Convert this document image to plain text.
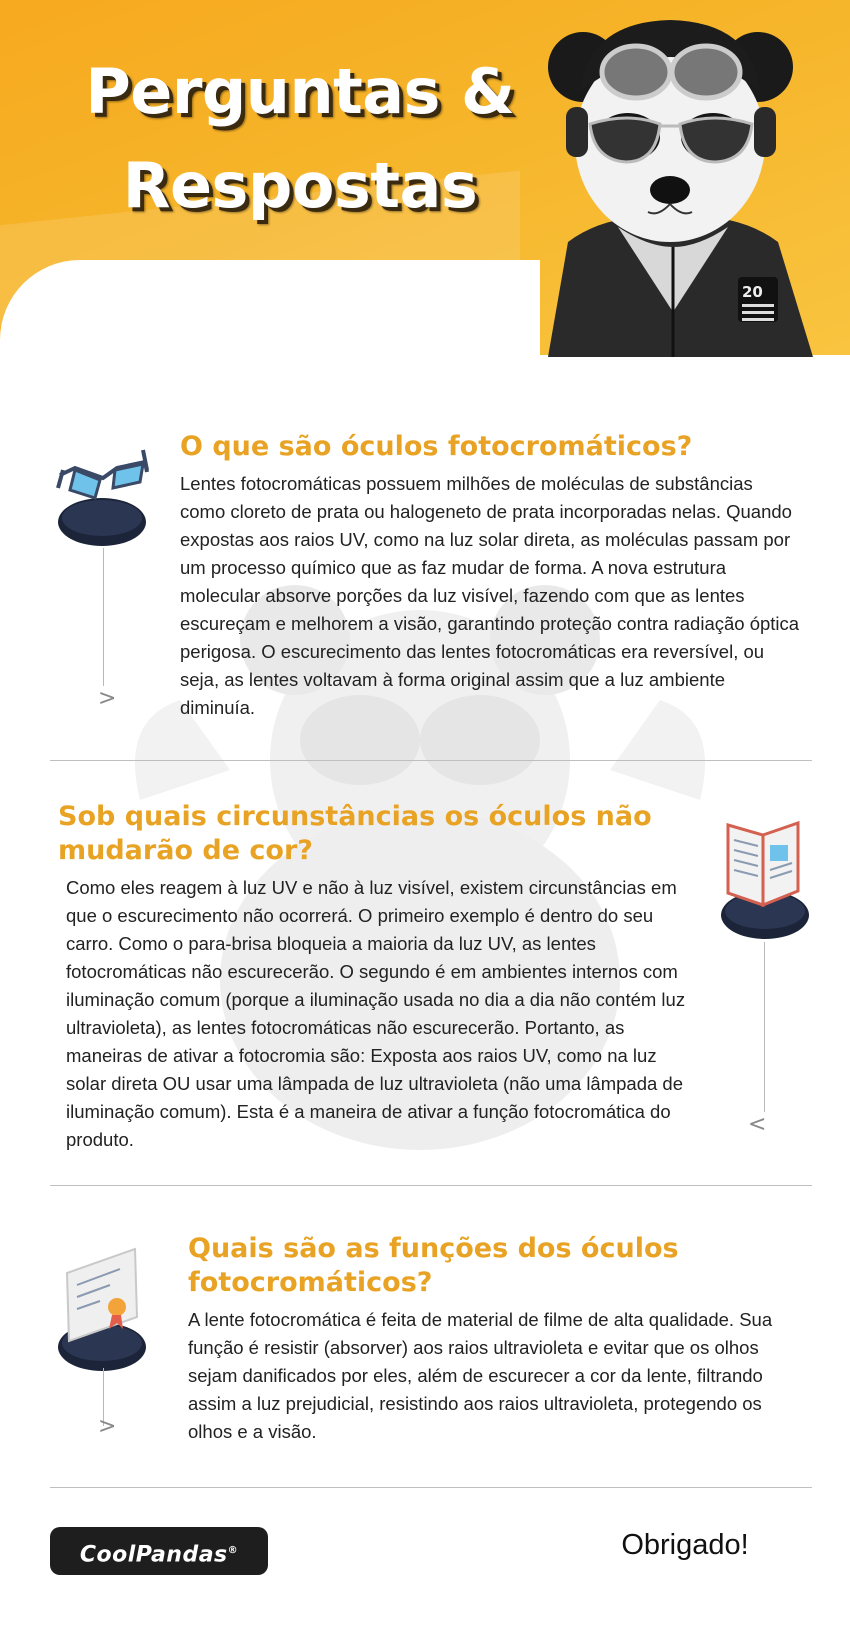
Perguntas &
Respostas
20
O que são óculos fotocromáticos?
Lentes fotocromáticas possuem milhões de moléculas de substâncias como cloreto de prata ou halogeneto de prata incorporadas nelas. Quando expostas aos raios UV, como na luz solar direta, as moléculas passam por um processo químico que as faz mudar de forma. A nova estrutura molecular absorve porções da luz visível, fazendo com que as lentes escureçam e melhorem a visão, garantindo proteção contra radiação óptica perigosa. O escurecimento das lentes fotocromáticas era reversível, ou seja, as lentes voltavam à forma original assim que a luz ambiente diminuía.
>
Sob quais circunstâncias os óculos não mudarão de cor?
Como eles reagem à luz UV e não à luz visível, existem circunstâncias em que o escurecimento não ocorrerá. O primeiro exemplo é dentro do seu carro. Como o para-brisa bloqueia a maioria da luz UV, as lentes fotocromáticas não escurecerão. O segundo é em ambientes internos com iluminação comum (porque a iluminação usada no dia a dia não contém luz ultravioleta), as lentes fotocromáticas não escurecerão. Portanto, as maneiras de ativar a fotocromia são: Exposta aos raios UV, como na luz solar direta OU usar uma lâmpada de luz ultravioleta (não uma lâmpada de iluminação comum). Esta é a maneira de ativar a função fotocromática do produto.
<
Quais são as funções dos óculos fotocromáticos?
A lente fotocromática é feita de material de filme de alta qualidade. Sua função é resistir (absorver) aos raios ultravioleta e evitar que os olhos sejam danificados por eles, além de escurecer a cor da lente, filtrando assim a luz prejudicial, resistindo aos raios ultravioleta, protegendo os olhos e a visão.
>
CoolPandas®	Obrigado!
